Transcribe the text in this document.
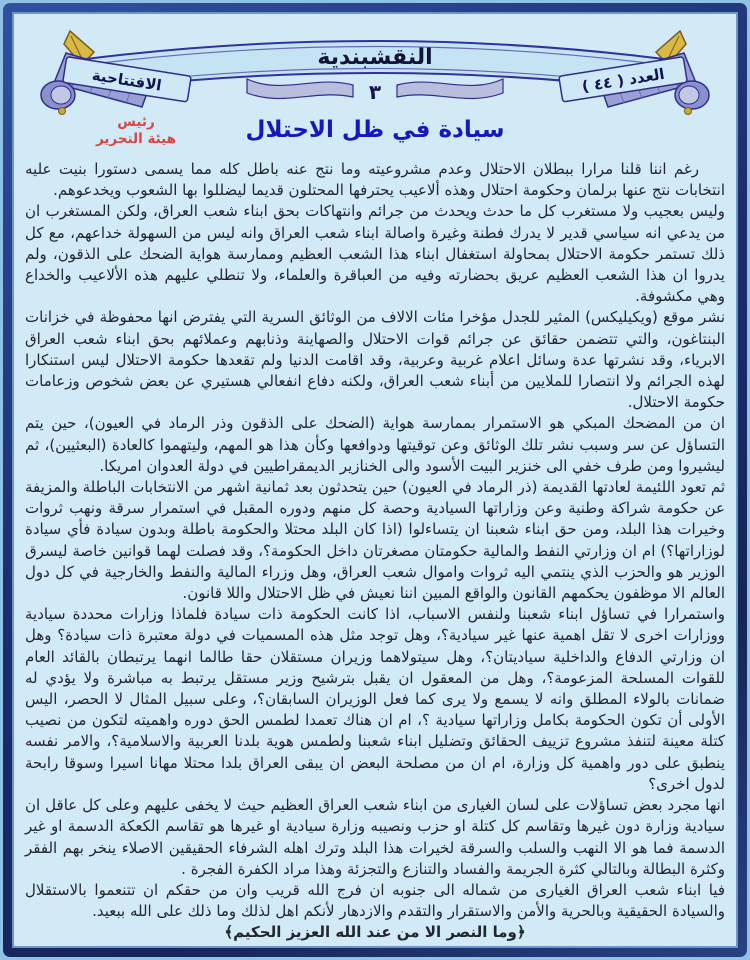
النقشبندية
الافتتاحية	العدد ( ٤٤ )
٣
سيادة في ظل الاحتلال
رئيس
هيئة التحرير

رغم اننا قلنا مرارا ببطلان الاحتلال وعدم مشروعيته وما نتج عنه باطل كله مما يسمى دستورا بنيت عليه انتخابات نتج عنها برلمان وحكومة احتلال وهذه ألاعيب يحترفها المحتلون قديما ليضللوا بها الشعوب ويخدعوهم.

وليس بعجيب ولا مستغرب كل ما حدث ويحدث من جرائم وانتهاكات بحق ابناء شعب العراق، ولكن المستغرب ان من يدعي انه سياسي قدير لا يدرك فطنة وغيرة واصالة ابناء شعب العراق وانه ليس من السهولة خداعهم، مع كل ذلك تستمر حكومة الاحتلال بمحاولة استغفال ابناء هذا الشعب العظيم وممارسة هواية الضحك على الذقون، ولم يدروا ان هذا الشعب العظيم عريق بحضارته وفيه من العباقرة والعلماء، ولا تنطلي عليهم هذه الألاعيب والخداع وهي مكشوفة.

نشر موقع (ويكيليكس) المثير للجدل مؤخرا مئات الالاف من الوثائق السرية التي يفترض انها محفوظة في خزانات البنتاغون، والتي تتضمن حقائق عن جرائم قوات الاحتلال والصهاينة وذنابهم وعملائهم بحق ابناء شعب العراق الابرياء، وقد نشرتها عدة وسائل اعلام غربية وعربية، وقد اقامت الدنيا ولم تقعدها حكومة الاحتلال ليس استنكارا لهذه الجرائم ولا انتصارا للملايين من أبناء شعب العراق، ولكنه دفاع انفعالي هستيري عن بعض شخوص وزعامات حكومة الاحتلال.

ان من المضحك المبكي هو الاستمرار بممارسة هواية (الضحك على الذقون وذر الرماد في العيون)، حين يتم التساؤل عن سر وسبب نشر تلك الوثائق وعن توقيتها ودوافعها وكأن هذا هو المهم، وليتهموا كالعادة (البعثيين)، ثم ليشيروا ومن طرف خفي الى خنزير البيت الأسود والى الخنازير الديمقراطيين في دولة العدوان امريكا.

ثم تعود اللئيمة لعادتها القديمة (ذر الرماد في العيون) حين يتحدثون بعد ثمانية اشهر من الانتخابات الباطلة والمزيفة عن حكومة شراكة وطنية وعن وزاراتها السيادية وحصة كل منهم ودوره المقبل في استمرار سرقة ونهب ثروات وخيرات هذا البلد، ومن حق ابناء شعبنا ان يتساءلوا (اذا كان البلد محتلا والحكومة باطلة وبدون سيادة فأي سيادة لوزاراتها؟) ام ان وزارتي النفط والمالية حكومتان مصغرتان داخل الحكومة؟، وقد فصلت لهما قوانين خاصة ليسرق الوزير هو والحزب الذي ينتمي اليه ثروات واموال شعب العراق، وهل وزراء المالية والنفط والخارجية في كل دول العالم الا موظفون يحكمهم القانون والواقع المبين اننا نعيش في ظل الاحتلال واللا قانون.

واستمرارا في تساؤل ابناء شعبنا ولنفس الاسباب، اذا كانت الحكومة ذات سيادة فلماذا وزارات محددة سيادية ووزارات اخرى لا تقل اهمية عنها غير سيادية؟، وهل توجد مثل هذه المسميات في دولة معتبرة ذات سيادة؟ وهل ان وزارتي الدفاع والداخلية سياديتان؟، وهل سيتولاهما وزيران مستقلان حقا طالما انهما يرتبطان بالقائد العام للقوات المسلحة المزعومة؟، وهل من المعقول ان يقبل بترشيح وزير مستقل يرتبط به مباشرة ولا يؤدي له ضمانات بالولاء المطلق وانه لا يسمع ولا يرى كما فعل الوزيران السابقان؟، وعلى سبيل المثال لا الحصر، اليس الأولى أن تكون الحكومة بكامل وزاراتها سيادية ؟، ام ان هناك تعمدا لطمس الحق دوره واهميته لتكون من نصيب كتلة معينة لتنفذ مشروع تزييف الحقائق وتضليل ابناء شعبنا ولطمس هوية بلدنا العربية والاسلامية؟، والامر نفسه ينطبق على دور واهمية كل وزارة، ام ان من مصلحة البعض ان يبقى العراق بلدا محتلا مهانا اسيرا وسوقا رابحة لدول اخرى؟

انها مجرد بعض تساؤلات على لسان الغيارى من ابناء شعب العراق العظيم حيث لا يخفى عليهم وعلى كل عاقل ان سيادية وزارة دون غيرها وتقاسم كل كتلة او حزب ونصيبه وزارة سيادية او غيرها هو تقاسم الكعكة الدسمة او غير الدسمة فما هو الا النهب والسلب والسرقة لخيرات هذا البلد وترك اهله الشرفاء الحقيقين الاصلاء ينخر بهم الفقر وكثرة البطالة وبالتالي كثرة الجريمة والفساد والتنازع والتجزئة وهذا مراد الكفرة الفجرة .

فيا ابناء شعب العراق الغيارى من شماله الى جنوبه ان فرج الله قريب وان من حقكم ان تتنعموا بالاستقلال والسيادة الحقيقية وبالحرية والأمن والاستقرار والتقدم والازدهار لأنكم اهل لذلك وما ذلك على الله ببعيد.

﴿وما النصر الا من عند الله العزيز الحكيم﴾
